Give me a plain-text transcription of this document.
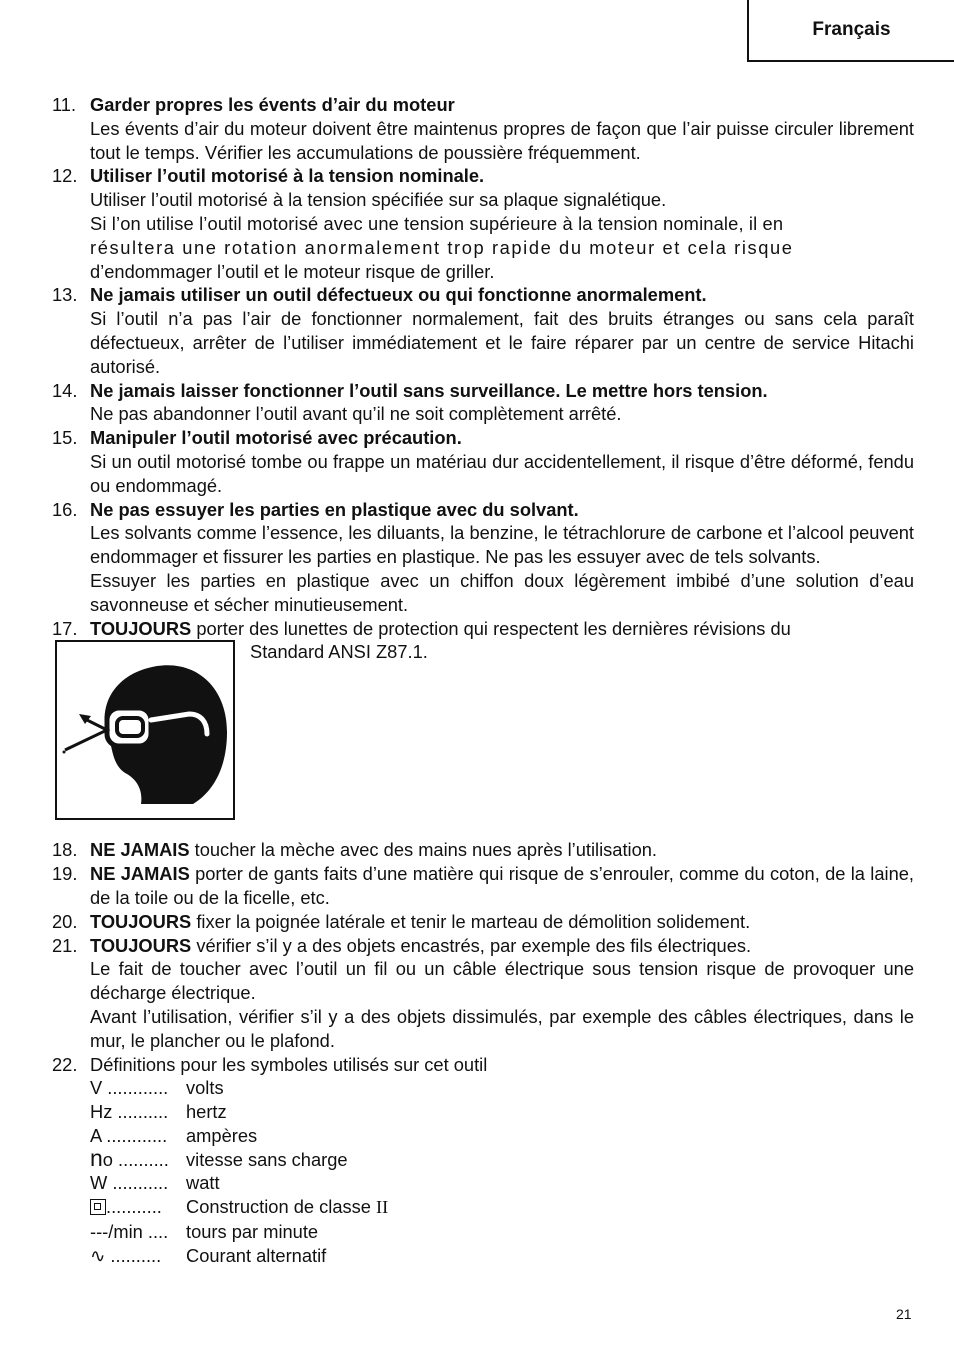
Français
11. Garder propres les évents d’air du moteur

Les évents d’air du moteur doivent être maintenus propres de façon que l’air puisse circuler librement tout le temps. Vérifier les accumulations de poussière fréquemment.

12. Utiliser l’outil motorisé à la tension nominale.

Utiliser l’outil motorisé à la tension spécifiée sur sa plaque signalétique.

Si l’on utilise l’outil motorisé avec une tension supérieure à la tension nominale, il en

résultera une rotation anormalement trop rapide du moteur et cela risque

d’endommager l’outil et le moteur risque de griller.

13. Ne jamais utiliser un outil défectueux ou qui fonctionne anormalement.

Si l’outil n’a pas l’air de fonctionner normalement, fait des bruits étranges ou sans cela paraît défectueux, arrêter de l’utiliser immédiatement et le faire réparer par un centre de service Hitachi autorisé.

14. Ne jamais laisser fonctionner l’outil sans surveillance. Le mettre hors tension.

Ne pas abandonner l’outil avant qu’il ne soit complètement arrêté.

15. Manipuler l’outil motorisé avec précaution.

Si un outil motorisé tombe ou frappe un matériau dur accidentellement, il risque d’être déformé, fendu ou endommagé.

16. Ne pas essuyer les parties en plastique avec du solvant.

Les solvants comme l’essence, les diluants, la benzine, le tétrachlorure de carbone et l’alcool peuvent endommager et fissurer les parties en plastique. Ne pas les essuyer avec de tels solvants.

Essuyer les parties en plastique avec un chiffon doux légèrement imbibé d’une solution d’eau savonneuse et sécher minutieusement.

17. TOUJOURS porter des lunettes de protection qui respectent les dernières révisions du

Standard ANSI Z87.1.
18. NE JAMAIS toucher la mèche avec des mains nues après l’utilisation.

19. NE JAMAIS porter de gants faits d’une matière qui risque de s’enrouler, comme du coton, de la laine, de la toile ou de la ficelle, etc.

20. TOUJOURS fixer la poignée latérale et tenir le marteau de démolition solidement.

21. TOUJOURS vérifier s’il y a des objets encastrés, par exemple des fils électriques.

Le fait de toucher avec l’outil un fil ou un câble électrique sous tension risque de provoquer une décharge électrique.

Avant l’utilisation, vérifier s’il y a des objets dissimulés, par exemple des câbles électriques, dans le mur, le plancher ou le plafond.

22. Définitions pour les symboles utilisés sur cet outil

V ............ volts
Hz .......... hertz
A ............	ampères
no .......... vitesse sans charge
W ........... watt
...........	Construction de classe II
---/min .... tours par minute
∿ ..........	Courant alternatif
21
